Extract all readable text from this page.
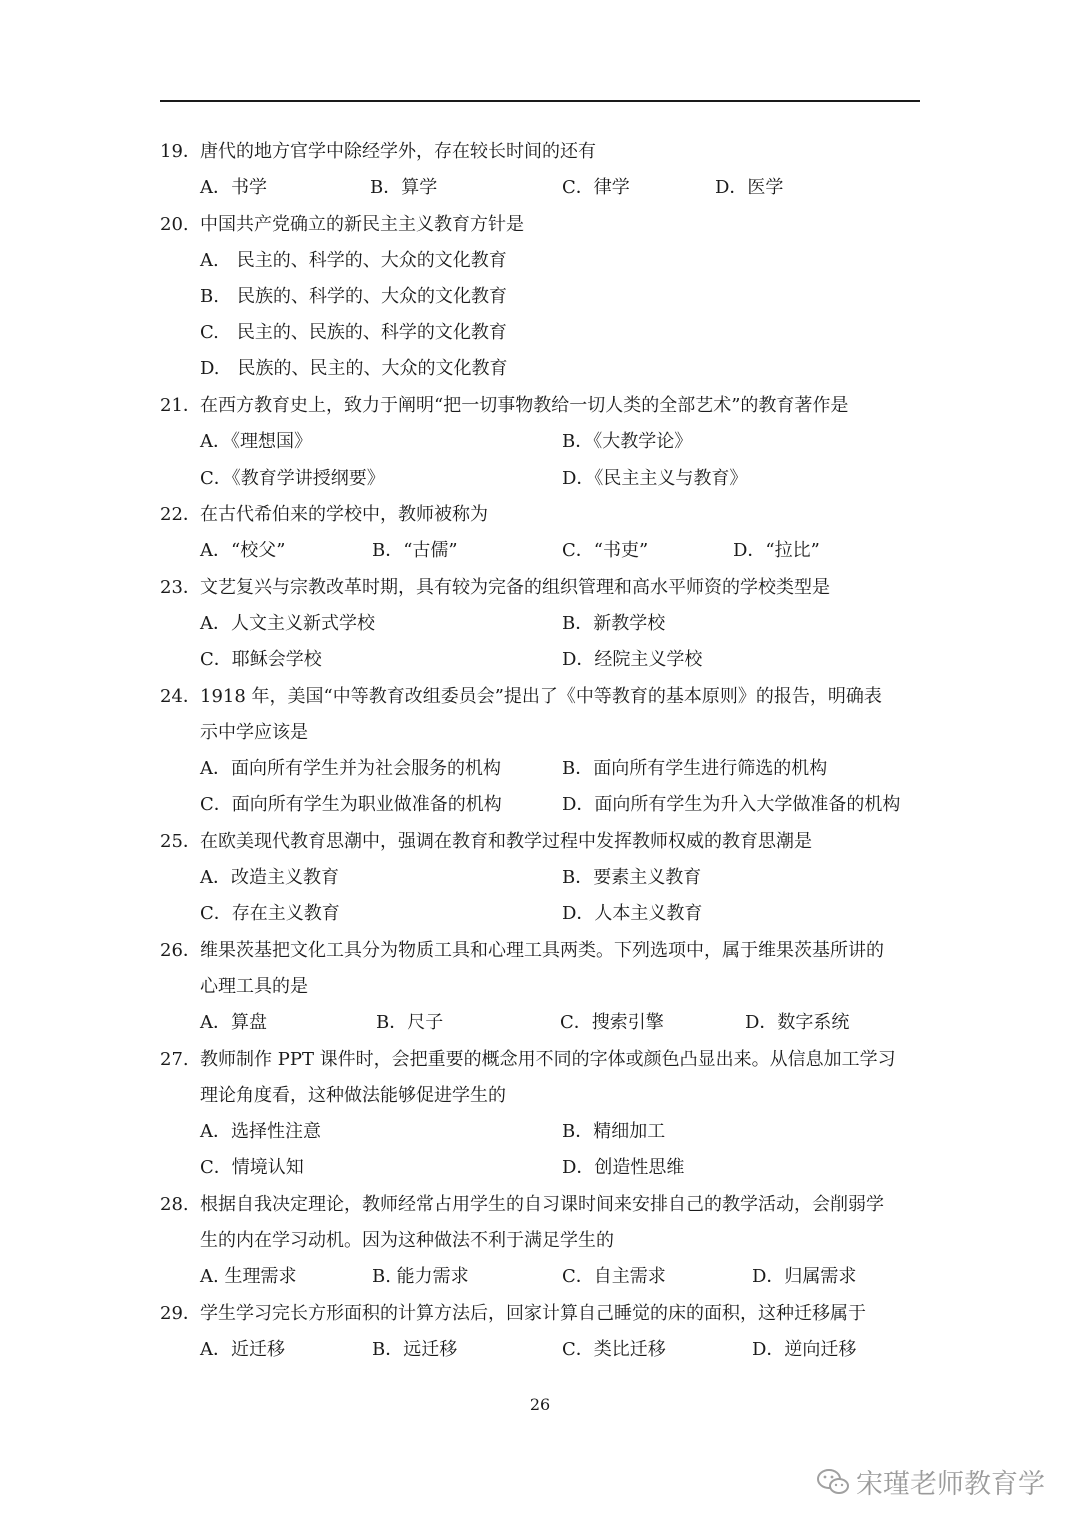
19． 唐代的地方官学中除经学外，存在较长时间的还有
A．书学	B．算学	C．律学	D．医学
20. 中国共产党确立的新民主主义教育方针是
A.　民主的、科学的、大众的文化教育
B.　民族的、科学的、大众的文化教育
C.　民主的、民族的、科学的文化教育
D.　民族的、民主的、大众的文化教育
21． 在西方教育史上，致力于阐明“把一切事物教给一切人类的全部艺术”的教育著作是
A．《理想国》	B．《大教学论》
C．《教育学讲授纲要》	D．《民主主义与教育》
22． 在古代希伯来的学校中，教师被称为
A．“校父”	B．“古儒”	C．“书吏”	D．“拉比”
23． 文艺复兴与宗教改革时期，具有较为完备的组织管理和高水平师资的学校类型是
A．人文主义新式学校	B．新教学校
C．耶稣会学校	D．经院主义学校
24． 1918 年，美国“中等教育改组委员会”提出了《中等教育的基本原则》的报告，明确表
示中学应该是
A．面向所有学生并为社会服务的机构	B．面向所有学生进行筛选的机构
C．面向所有学生为职业做准备的机构	D．面向所有学生为升入大学做准备的机构
25． 在欧美现代教育思潮中，强调在教育和教学过程中发挥教师权威的教育思潮是
A．改造主义教育	B．要素主义教育
C．存在主义教育	D．人本主义教育
26． 维果茨基把文化工具分为物质工具和心理工具两类。下列选项中，属于维果茨基所讲的
心理工具的是
A．算盘	B．尺子	C．搜索引擎	D．数字系统
27. 教师制作 PPT 课件时，会把重要的概念用不同的字体或颜色凸显出来。从信息加工学习
理论角度看，这种做法能够促进学生的
A．选择性注意	B．精细加工
C．情境认知	D．创造性思维
28. 根据自我决定理论，教师经常占用学生的自习课时间来安排自己的教学活动，会削弱学
生的内在学习动机。因为这种做法不利于满足学生的
A. 生理需求	B. 能力需求	C．自主需求	D．归属需求
29． 学生学习完长方形面积的计算方法后，回家计算自己睡觉的床的面积，这种迁移属于
A．近迁移	B．远迁移	C．类比迁移	D．逆向迁移
26
宋瑾老师教育学
